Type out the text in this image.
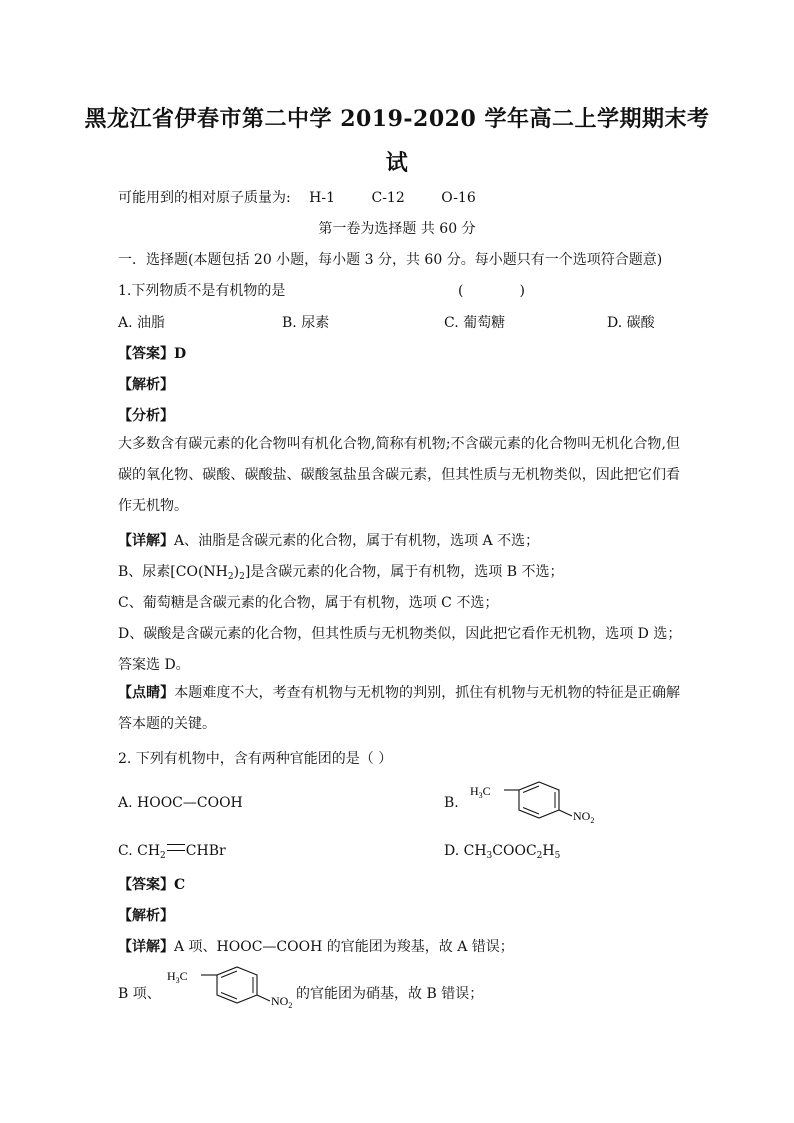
黑龙江省伊春市第二中学 2019-2020 学年高二上学期期末考
试
可能用到的相对原子质量为: H-1	C-12	O-16
第一卷为选择题 共 60 分
一．选择题(本题包括 20 小题，每小题 3 分，共 60 分。每小题只有一个选项符合题意)
1.下列物质不是有机物的是	(　　　　)
A. 油脂	B. 尿素	C. 葡萄糖	D. 碳酸
【答案】D
【解析】
【分析】
大多数含有碳元素的化合物叫有机化合物,简称有机物;不含碳元素的化合物叫无机化合物,但碳的氧化物、碳酸、碳酸盐、碳酸氢盐虽含碳元素，但其性质与无机物类似，因此把它们看作无机物。
【详解】A、油脂是含碳元素的化合物，属于有机物，选项 A 不选；
B、尿素$[CO(NH_2)_2]$是含碳元素的化合物，属于有机物，选项 B 不选；
C、葡萄糖是含碳元素的化合物，属于有机物，选项 C 不选；
D、碳酸是含碳元素的化合物，但其性质与无机物类似，因此把它看作无机物，选项 D 选；
答案选 D。
【点睛】本题难度不大，考查有机物与无机物的判别，抓住有机物与无机物的特征是正确解答本题的关键。
2. 下列有机物中，含有两种官能团的是（ ）
A. HOOC—COOH	B.
$H_3C$
$NO_2$
C. $CH_2$ CHBr	D. $CH_3COOC_2H_5$
【答案】C
【解析】
【详解】A 项、HOOC—COOH 的官能团为羧基，故 A 错误；
B 项、
$H_3C$
$NO_2$
的官能团为硝基，故 B 错误；
